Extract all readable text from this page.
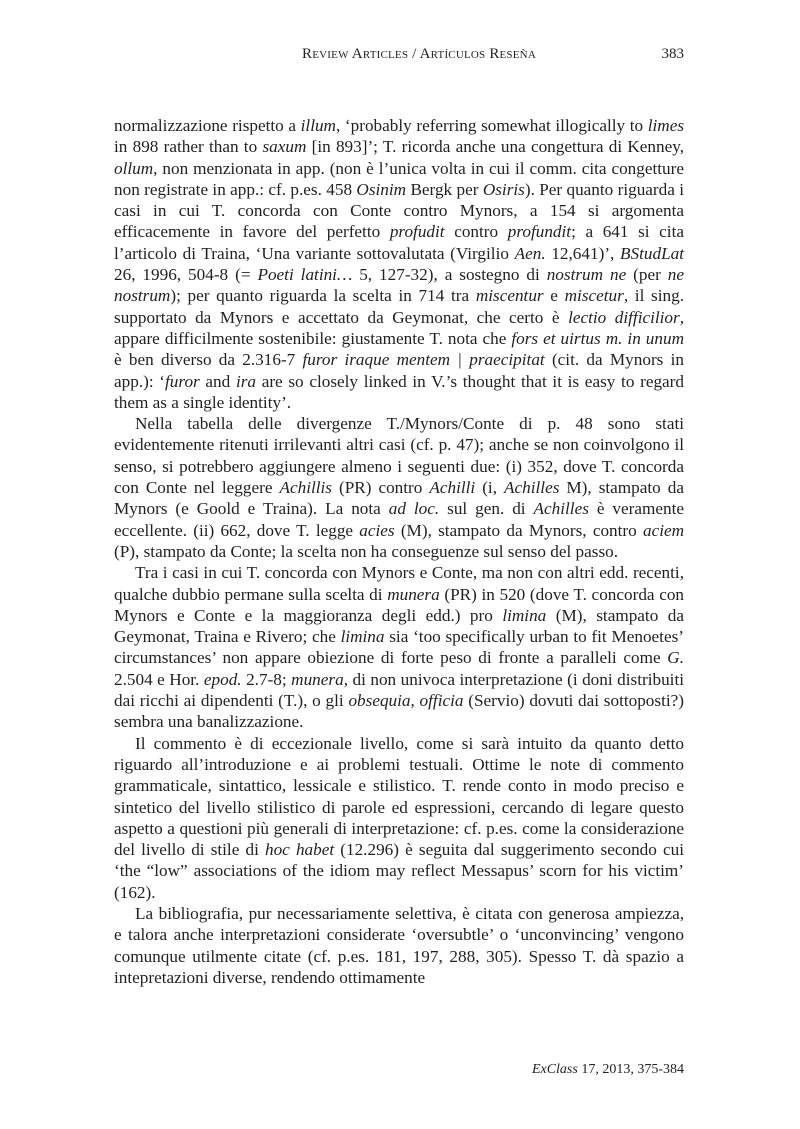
Review Articles / Artículos Reseña	383

normalizzazione rispetto a illum, ‘probably referring somewhat illogically to limes in 898 rather than to saxum [in 893]’; T. ricorda anche una congettura di Kenney, ollum, non menzionata in app. (non è l’unica volta in cui il comm. cita congetture non registrate in app.: cf. p.es. 458 Osinim Bergk per Osiris). Per quanto riguarda i casi in cui T. concorda con Conte contro Mynors, a 154 si argomenta efficacemente in favore del perfetto profudit contro profundit; a 641 si cita l’articolo di Traina, ‘Una variante sottovalutata (Virgilio Aen. 12,641)’, BStudLat 26, 1996, 504-8 (= Poeti latini… 5, 127-32), a sostegno di nostrum ne (per ne nostrum); per quanto riguarda la scelta in 714 tra miscentur e miscetur, il sing. supportato da Mynors e accettato da Geymonat, che certo è lectio difficilior, appare difficilmente sostenibile: giustamente T. nota che fors et uirtus m. in unum è ben diverso da 2.316-7 furor iraque mentem | praecipitat (cit. da Mynors in app.): ‘furor and ira are so closely linked in V.’s thought that it is easy to regard them as a single identity’.

Nella tabella delle divergenze T./Mynors/Conte di p. 48 sono stati evidentemente ritenuti irrilevanti altri casi (cf. p. 47); anche se non coinvolgono il senso, si potrebbero aggiungere almeno i seguenti due: (i) 352, dove T. concorda con Conte nel leggere Achillis (PR) contro Achilli (i, Achilles M), stampato da Mynors (e Goold e Traina). La nota ad loc. sul gen. di Achilles è veramente eccellente. (ii) 662, dove T. legge acies (M), stampato da Mynors, contro aciem (P), stampato da Conte; la scelta non ha conseguenze sul senso del passo.

Tra i casi in cui T. concorda con Mynors e Conte, ma non con altri edd. recenti, qualche dubbio permane sulla scelta di munera (PR) in 520 (dove T. concorda con Mynors e Conte e la maggioranza degli edd.) pro limina (M), stampato da Geymonat, Traina e Rivero; che limina sia ‘too specifically urban to fit Menoetes’ circumstances’ non appare obiezione di forte peso di fronte a paralleli come G. 2.504 e Hor. epod. 2.7-8; munera, di non univoca interpretazione (i doni distribuiti dai ricchi ai dipendenti (T.), o gli obsequia, officia (Servio) dovuti dai sottoposti?) sembra una banalizzazione.

Il commento è di eccezionale livello, come si sarà intuito da quanto detto riguardo all’introduzione e ai problemi testuali. Ottime le note di commento grammaticale, sintattico, lessicale e stilistico. T. rende conto in modo preciso e sintetico del livello stilistico di parole ed espressioni, cercando di legare questo aspetto a questioni più generali di interpretazione: cf. p.es. come la considerazione del livello di stile di hoc habet (12.296) è seguita dal suggerimento secondo cui ‘the “low” associations of the idiom may reflect Messapus’ scorn for his victim’ (162).

La bibliografia, pur necessariamente selettiva, è citata con generosa ampiezza, e talora anche interpretazioni considerate ‘oversubtle’ o ‘unconvincing’ vengono comunque utilmente citate (cf. p.es. 181, 197, 288, 305). Spesso T. dà spazio a intepretazioni diverse, rendendo ottimamente

ExClass 17, 2013, 375-384
